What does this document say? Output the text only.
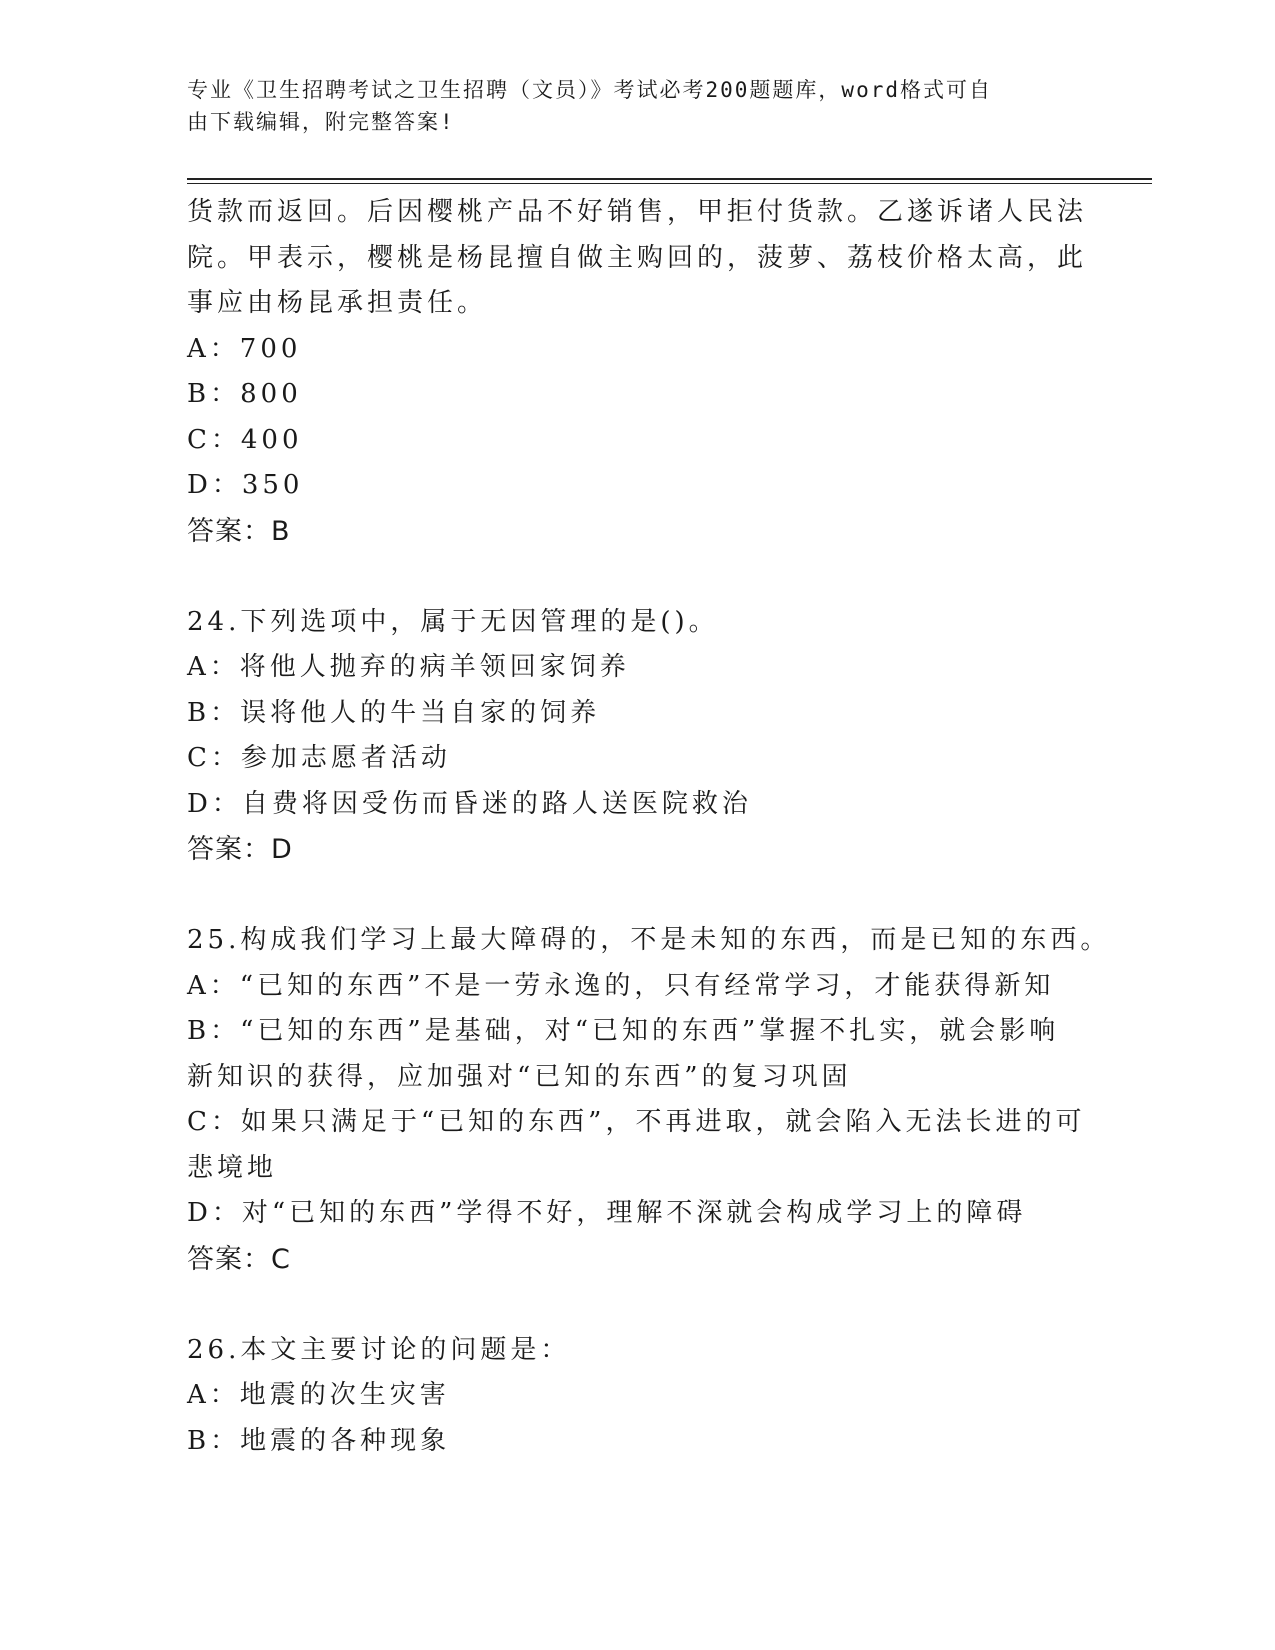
专业《卫生招聘考试之卫生招聘（文员）》考试必考200题题库，word格式可自
由下载编辑，附完整答案!
货款而返回。后因樱桃产品不好销售，甲拒付货款。乙遂诉诸人民法
院。甲表示，樱桃是杨昆擅自做主购回的，菠萝、荔枝价格太高，此
事应由杨昆承担责任。
A：700
B：800
C：400
D：350
答案：B
24.下列选项中，属于无因管理的是()。
A：将他人抛弃的病羊领回家饲养
B：误将他人的牛当自家的饲养
C：参加志愿者活动
D：自费将因受伤而昏迷的路人送医院救治
答案：D
25.构成我们学习上最大障碍的，不是未知的东西，而是已知的东西。
A：“已知的东西”不是一劳永逸的，只有经常学习，才能获得新知
B：“已知的东西”是基础，对“已知的东西”掌握不扎实，就会影响
新知识的获得，应加强对“已知的东西”的复习巩固
C：如果只满足于“已知的东西”，不再进取，就会陷入无法长进的可
悲境地
D：对“已知的东西”学得不好，理解不深就会构成学习上的障碍
答案：C
26.本文主要讨论的问题是：
A：地震的次生灾害
B：地震的各种现象
